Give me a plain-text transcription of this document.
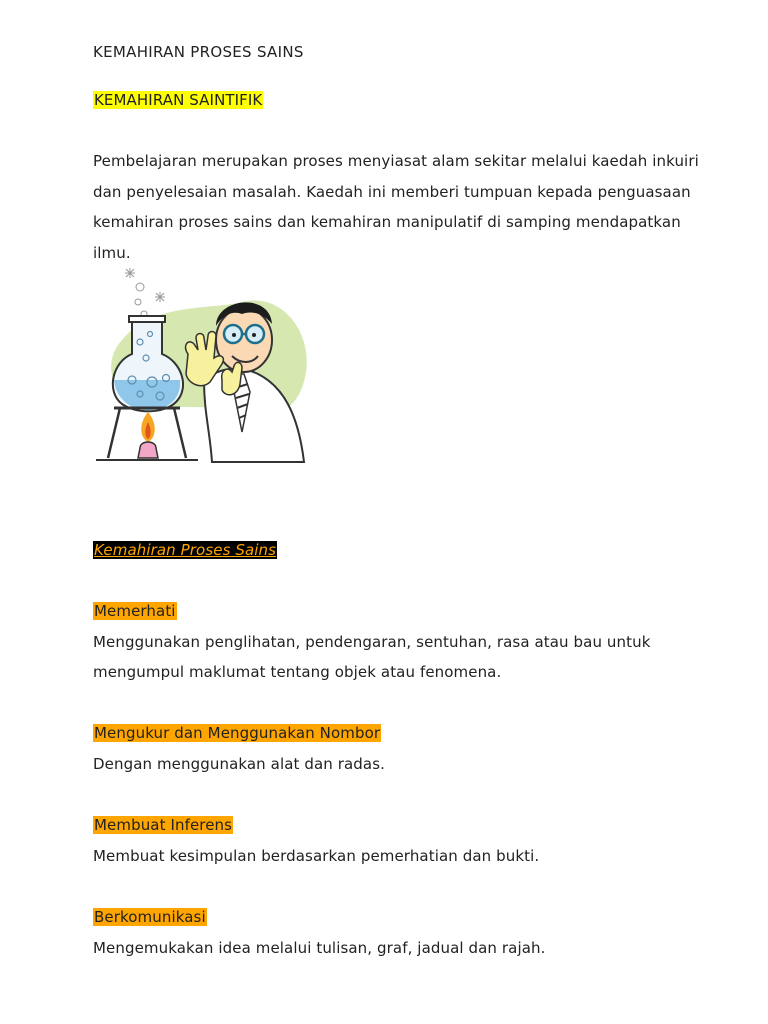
KEMAHIRAN PROSES SAINS
KEMAHIRAN SAINTIFIK
Pembelajaran merupakan proses menyiasat alam sekitar melalui kaedah inkuiri
dan penyelesaian masalah. Kaedah ini memberi tumpuan kepada penguasaan
kemahiran proses sains dan kemahiran manipulatif di samping mendapatkan
ilmu.
Kemahiran Proses Sains
Memerhati
Menggunakan penglihatan, pendengaran, sentuhan, rasa atau bau untuk
mengumpul maklumat tentang objek atau fenomena.
Mengukur dan Menggunakan Nombor
Dengan menggunakan alat dan radas.
Membuat Inferens
Membuat kesimpulan berdasarkan pemerhatian dan bukti.
Berkomunikasi
Mengemukakan idea melalui tulisan, graf, jadual dan rajah.
